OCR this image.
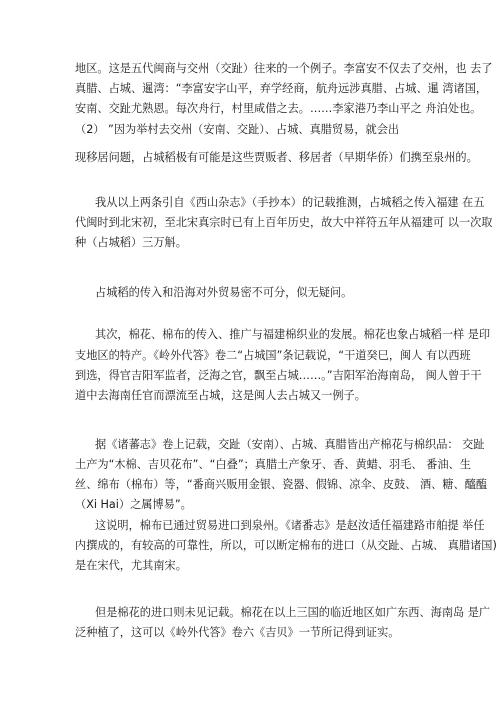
地区。这是五代闽商与交州（交趾）往来的一个例子。李富安不仅去了交州，也 去了
真腊、占城、暹湾：“李富安字山平，弃学经商，航舟远涉真腊、占城、暹 湾诸国，
安南、交趾尤熟恩。每次舟行，村里咸借之去。……李家港乃李山平之 舟泊处也。
（2） ”因为举村去交州（安南、交趾）、占城、真腊贸易，就会出
现移居问题，占城稻极有可能是这些贾贩者、移居者（早期华侨）们携至泉州的。
我从以上两条引自《西山杂志》（手抄本）的记载推测，占城稻之传入福建 在五
代闽时到北宋初，至北宋真宗时已有上百年历史，故大中祥符五年从福建可 以一次取
种（占城稻）三万斛。
占城稻的传入和沿海对外贸易密不可分，似无疑问。
其次，棉花、棉布的传入、推广与福建棉织业的发展。棉花也象占城稻一样 是印
支地区的特产。《岭外代答》卷二“占城国”条记载说，“干道癸巳，闽人 有以西班
到选，得官吉阳军监者，泛海之官，飘至占城……。”吉阳军治海南岛， 闽人曾于干
道中去海南任官而漂流至占城，这是闽人去占城又一例子。
据《诸蕃志》卷上记载，交趾（安南）、占城、真腊皆出产棉花与棉织品： 交趾
土产为“木棉、吉贝花布”、“白叠”；真腊土产象牙、香、黄蜡、羽毛、 番油、生
丝、绵布（棉布）等，“番商兴贩用金银、瓷器、假锦、凉伞、皮鼓、 酒、糖、醯醢
（Xi Hai）之属博易”。
这说明，棉布已通过贸易进口到泉州。《诸番志》是赵汝适任福建路市舶提 举任
内撰成的，有较高的可靠性，所以，可以断定棉布的进口（从交趾、占城、 真腊诸国)
是在宋代，尤其南宋。
但是棉花的进口则未见记载。棉花在以上三国的临近地区如广东西、海南岛 是广
泛种植了，这可以《岭外代答》卷六《吉贝》一节所记得到证实。
